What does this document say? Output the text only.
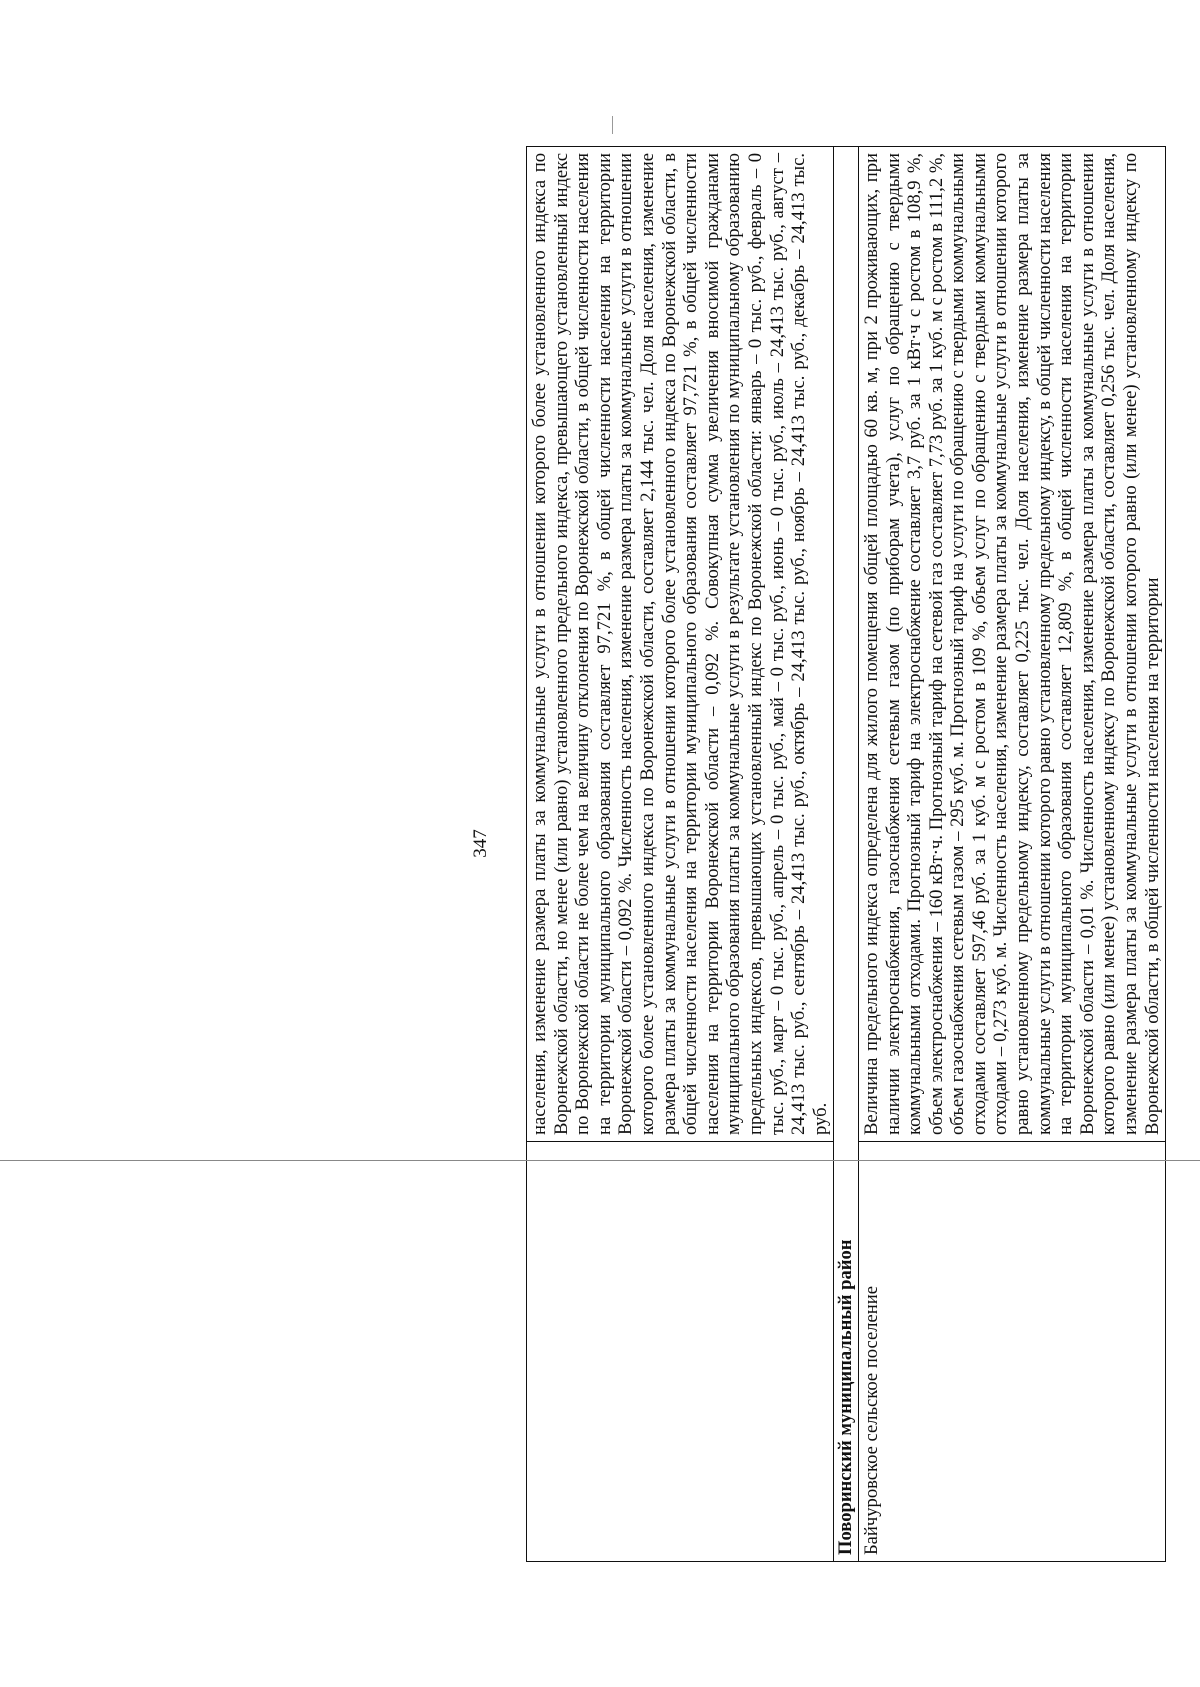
347

	населения, изменение размера платы за коммунальные услуги в отношении которого более установленного индекса по Воронежской области, но менее (или равно) установленного предельного индекса, превышающего установленный индекс по Воронежской области не более чем на величину отклонения по Воронежской области, в общей численности населения на территории муниципального образования составляет 97,721 %, в общей численности населения на территории Воронежской области – 0,092 %. Численность населения, изменение размера платы за коммунальные услуги в отношении которого более установленного индекса по Воронежской области, составляет 2,144 тыс. чел. Доля населения, изменение размера платы за коммунальные услуги в отношении которого более установленного индекса по Воронежской области, в общей численности населения на территории муниципального образования составляет 97,721 %, в общей численности населения на территории Воронежской области – 0,092 %. Совокупная сумма увеличения вносимой гражданами муниципального образования платы за коммунальные услуги в результате установления по муниципальному образованию предельных индексов, превышающих установленный индекс по Воронежской области: январь – 0 тыс. руб., февраль – 0 тыс. руб., март – 0 тыс. руб., апрель – 0 тыс. руб., май – 0 тыс. руб., июнь – 0 тыс. руб., июль – 24,413 тыс. руб., август – 24,413 тыс. руб., сентябрь – 24,413 тыс. руб., октябрь – 24,413 тыс. руб., ноябрь – 24,413 тыс. руб., декабрь – 24,413 тыс. руб.

Поворинский муниципальный район	
Байчуровское сельское поселение	Величина предельного индекса определена для жилого помещения общей площадью 60 кв. м, при 2 проживающих, при наличии электроснабжения, газоснабжения сетевым газом (по приборам учета), услуг по обращению с твердыми коммунальными отходами. Прогнозный тариф на электроснабжение составляет 3,7 руб. за 1 кВт·ч с ростом в 108,9 %, объем электроснабжения – 160 кВт·ч. Прогнозный тариф на сетевой газ составляет 7,73 руб. за 1 куб. м с ростом в 111,2 %, объем газоснабжения сетевым газом – 295 куб. м. Прогнозный тариф на услуги по обращению с твердыми коммунальными отходами составляет 597,46 руб. за 1 куб. м с ростом в 109 %, объем услуг по обращению с твердыми коммунальными отходами – 0,273 куб. м. Численность населения, изменение размера платы за коммунальные услуги в отношении которого равно установленному предельному индексу, составляет 0,225 тыс. чел. Доля населения, изменение размера платы за коммунальные услуги в отношении которого равно установленному предельному индексу, в общей численности населения на территории муниципального образования составляет 12,809 %, в общей численности населения на территории Воронежской области – 0,01 %. Численность населения, изменение размера платы за коммунальные услуги в отношении которого равно (или менее) установленному индексу по Воронежской области, составляет 0,256 тыс. чел. Доля населения, изменение размера платы за коммунальные услуги в отношении которого равно (или менее) установленному индексу по Воронежской области, в общей численности населения на территории
